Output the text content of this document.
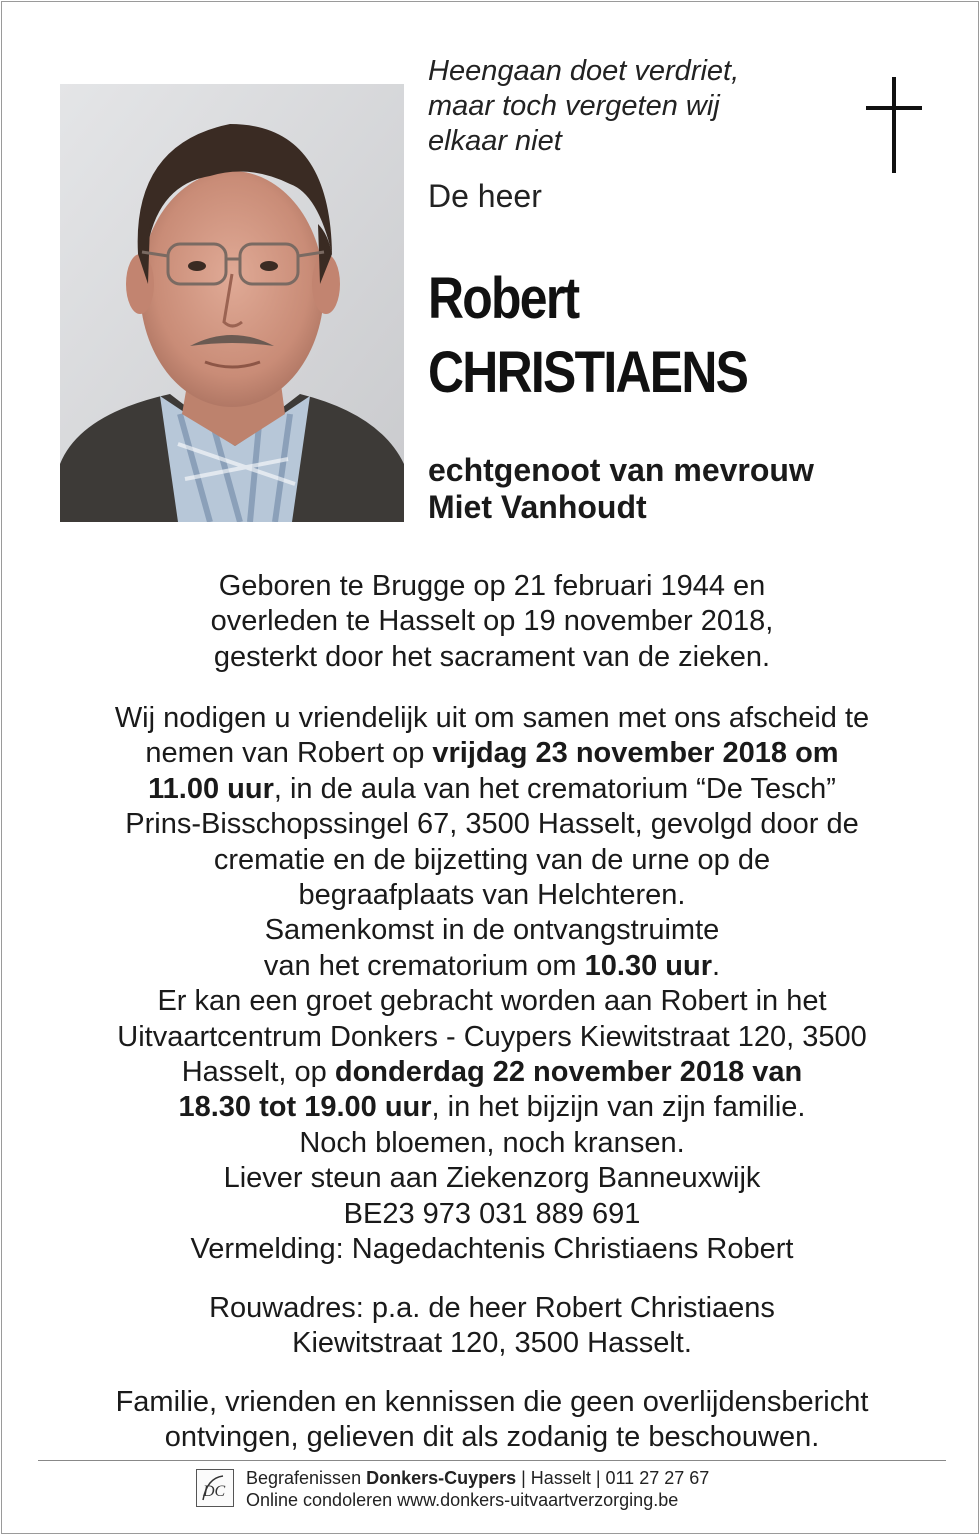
Heengaan doet verdriet,
maar toch vergeten wij
elkaar niet
De heer
Robert
CHRISTIAENS
echtgenoot van mevrouw
Miet Vanhoudt
Geboren te Brugge op 21 februari 1944 en
overleden te Hasselt op 19 november 2018,
gesterkt door het sacrament van de zieken.
Wij nodigen u vriendelijk uit om samen met ons afscheid te
nemen van Robert op vrijdag 23 november 2018 om
11.00 uur, in de aula van het crematorium “De Tesch”
Prins-Bisschopssingel 67, 3500 Hasselt, gevolgd door de
crematie en de bijzetting van de urne op de
begraafplaats van Helchteren.
Samenkomst in de ontvangstruimte
van het crematorium om 10.30 uur.
Er kan een groet gebracht worden aan Robert in het
Uitvaartcentrum Donkers - Cuypers Kiewitstraat 120, 3500
Hasselt, op donderdag 22 november 2018 van
18.30 tot 19.00 uur, in het bijzijn van zijn familie.
Noch bloemen, noch kransen.
Liever steun aan Ziekenzorg Banneuxwijk
BE23 973 031 889 691
Vermelding: Nagedachtenis Christiaens Robert
Rouwadres: p.a. de heer Robert Christiaens
Kiewitstraat 120, 3500 Hasselt.
Familie, vrienden en kennissen die geen overlijdensbericht
ontvingen, gelieven dit als zodanig te beschouwen.
DC
Begrafenissen Donkers-Cuypers | Hasselt | 011 27 27 67
Online condoleren www.donkers-uitvaartverzorging.be
